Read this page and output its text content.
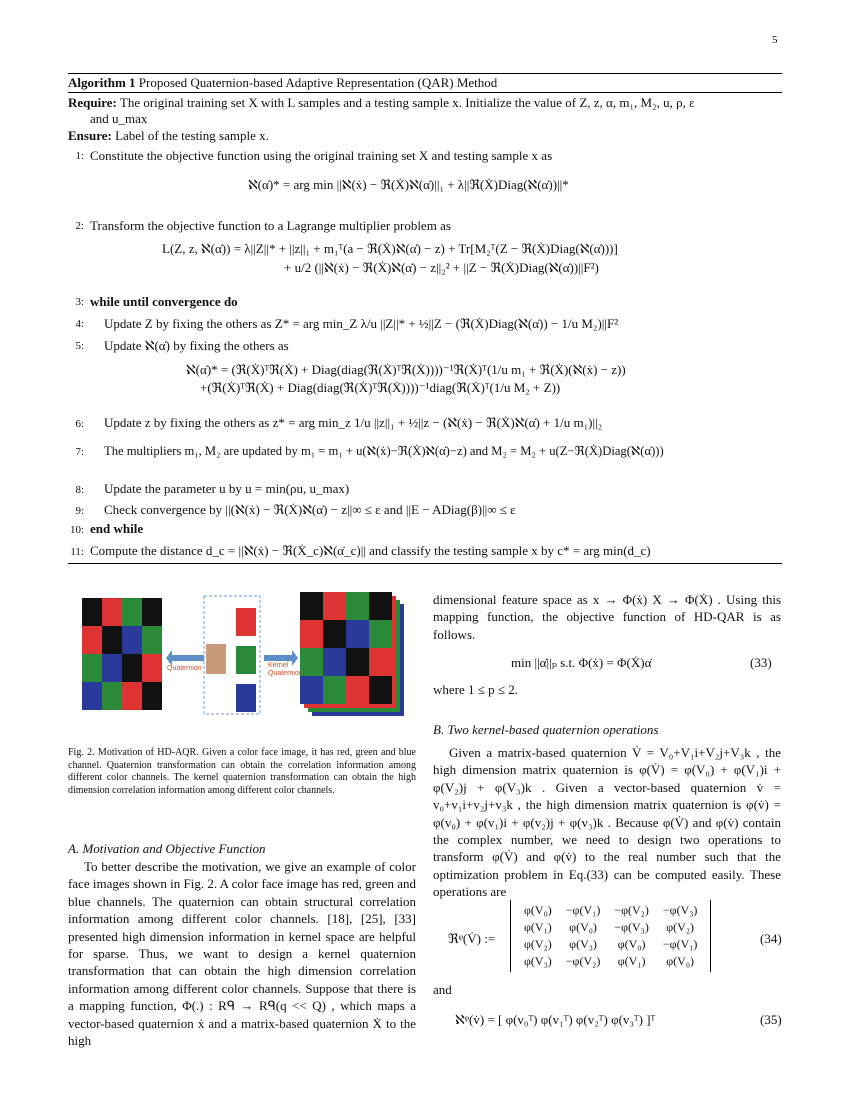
5
Algorithm 1 Proposed Quaternion-based Adaptive Representation (QAR) Method
Require: The original training set X with L samples and a testing sample x. Initialize the value of Z, z, α, m₁, M₂, u, ρ, ε
and u_max
Ensure: Label of the testing sample x.
1: Constitute the objective function using the original training set X and testing sample x as
ℵ(α̇)* = arg min ||ℵ(ẋ) − ℜ(Ẋ)ℵ(α̇)||₁ + λ||ℜ(Ẋ)Diag(ℵ(α̇))||*
2: Transform the objective function to a Lagrange multiplier problem as
L(Z, z, ℵ(α̇)) = λ||Z||* + ||z||₁ + m₁ᵀ(a − ℜ(Ẋ)ℵ(α̇) − z) + Tr[M₂ᵀ(Z − ℜ(Ẋ)Diag(ℵ(α̇)))]
+ u/2 (||ℵ(ẋ) − ℜ(Ẋ)ℵ(α̇) − z||₂² + ||Z − ℜ(Ẋ)Diag(ℵ(α̇))||F²)
3: while until convergence do
4: Update Z by fixing the others as Z* = arg min_Z λ/u ||Z||* + ½||Z − (ℜ(Ẋ)Diag(ℵ(α̇)) − 1/u M₂)||F²
5: Update ℵ(α̇) by fixing the others as
ℵ(α̇)* = (ℜ(Ẋ)ᵀℜ(Ẋ) + Diag(diag(ℜ(Ẋ)ᵀℜ(Ẋ))))⁻¹ℜ(Ẋ)ᵀ(1/u m₁ + ℜ(Ẋ)(ℵ(ẋ) − z))
+(ℜ(Ẋ)ᵀℜ(Ẋ) + Diag(diag(ℜ(Ẋ)ᵀℜ(Ẋ))))⁻¹diag(ℜ(Ẋ)ᵀ(1/u M₂ + Z))
6: Update z by fixing the others as z* = arg min_z 1/u ||z||₁ + ½||z − (ℵ(ẋ) − ℜ(Ẋ)ℵ(α̇) + 1/u m₁)||₂
7: The multipliers m₁, M₂ are updated by m₁ = m₁ + u(ℵ(ẋ)−ℜ(Ẋ)ℵ(α̇)−z) and M₂ = M₂ + u(Z−ℜ(Ẋ)Diag(ℵ(α̇)))
8: Update the parameter u by u = min(ρu, u_max)
9: Check convergence by ||(ℵ(ẋ) − ℜ(Ẋ)ℵ(α̇) − z||∞ ≤ ε and ||E − ADiag(β)||∞ ≤ ε
10: end while
11: Compute the distance d_c = ||ℵ(ẋ) − ℜ(Ẋ_c)ℵ(α̇_c)|| and classify the testing sample x by c* = arg min(d_c)
Quaternion	Kernel
Quaternion
Fig. 2. Motivation of HD-AQR. Given a color face image, it has red, green and blue channel. Quaternion transformation can obtain the correlation information among different color channels. The kernel quaternion transformation can obtain the high dimension correlation information among different color channels.
A. Motivation and Objective Function
To better describe the motivation, we give an example of color face images shown in Fig. 2. A color face image has red, green and blue channels. The quaternion can obtain structural correlation information among different color channels. [18], [25], [33] presented high dimension information in kernel space are helpful for sparse. Thus, we want to design a kernel quaternion transformation that can obtain the high dimension correlation information among different color channels. Suppose that there is a mapping function, Φ(.) : Rᑫ → Rᑫ(q << Q) , which maps a vector-based quaternion ẋ and a matrix-based quaternion Ẋ to the high
dimensional feature space as x → Φ(ẋ) X → Φ(Ẋ) . Using this mapping function, the objective function of HD-QAR is as follows.
min ||α̇||ₚ s.t. Φ(ẋ) = Φ(Ẋ)α̇	(33)
where 1 ≤ p ≤ 2.
B. Two kernel-based quaternion operations
Given a matrix-based quaternion V̇ = V₀+V₁i+V₂j+V₃k , the high dimension matrix quaternion is φ(V̇) = φ(V₀) + φ(V₁)i + φ(V₂)j + φ(V₃)k . Given a vector-based quaternion v̇ = v₀+v₁i+v₂j+v₃k , the high dimension matrix quaternion is φ(v̇) = φ(v₀) + φ(v₁)i + φ(v₂)j + φ(v₃)k . Because φ(V̇) and φ(v̇) contain the complex number, we need to design two operations to transform φ(V̇) and φ(v̇) to the real number such that the optimization problem in Eq.(33) can be computed easily. These operations are
ℜᵠ(V̇) :=
φ(V₀)	−φ(V₁)	−φ(V₂)	−φ(V₃)
φ(V₁)	φ(V₀)	−φ(V₃)	φ(V₂)
φ(V₂)	φ(V₃)	φ(V₀)	−φ(V₁)
φ(V₃)	−φ(V₂)	φ(V₁)	φ(V₀)
(34)
and
ℵᵠ(v̇) = [ φ(v₀ᵀ) φ(v₁ᵀ) φ(v₂ᵀ) φ(v₃ᵀ) ]ᵀ	(35)
